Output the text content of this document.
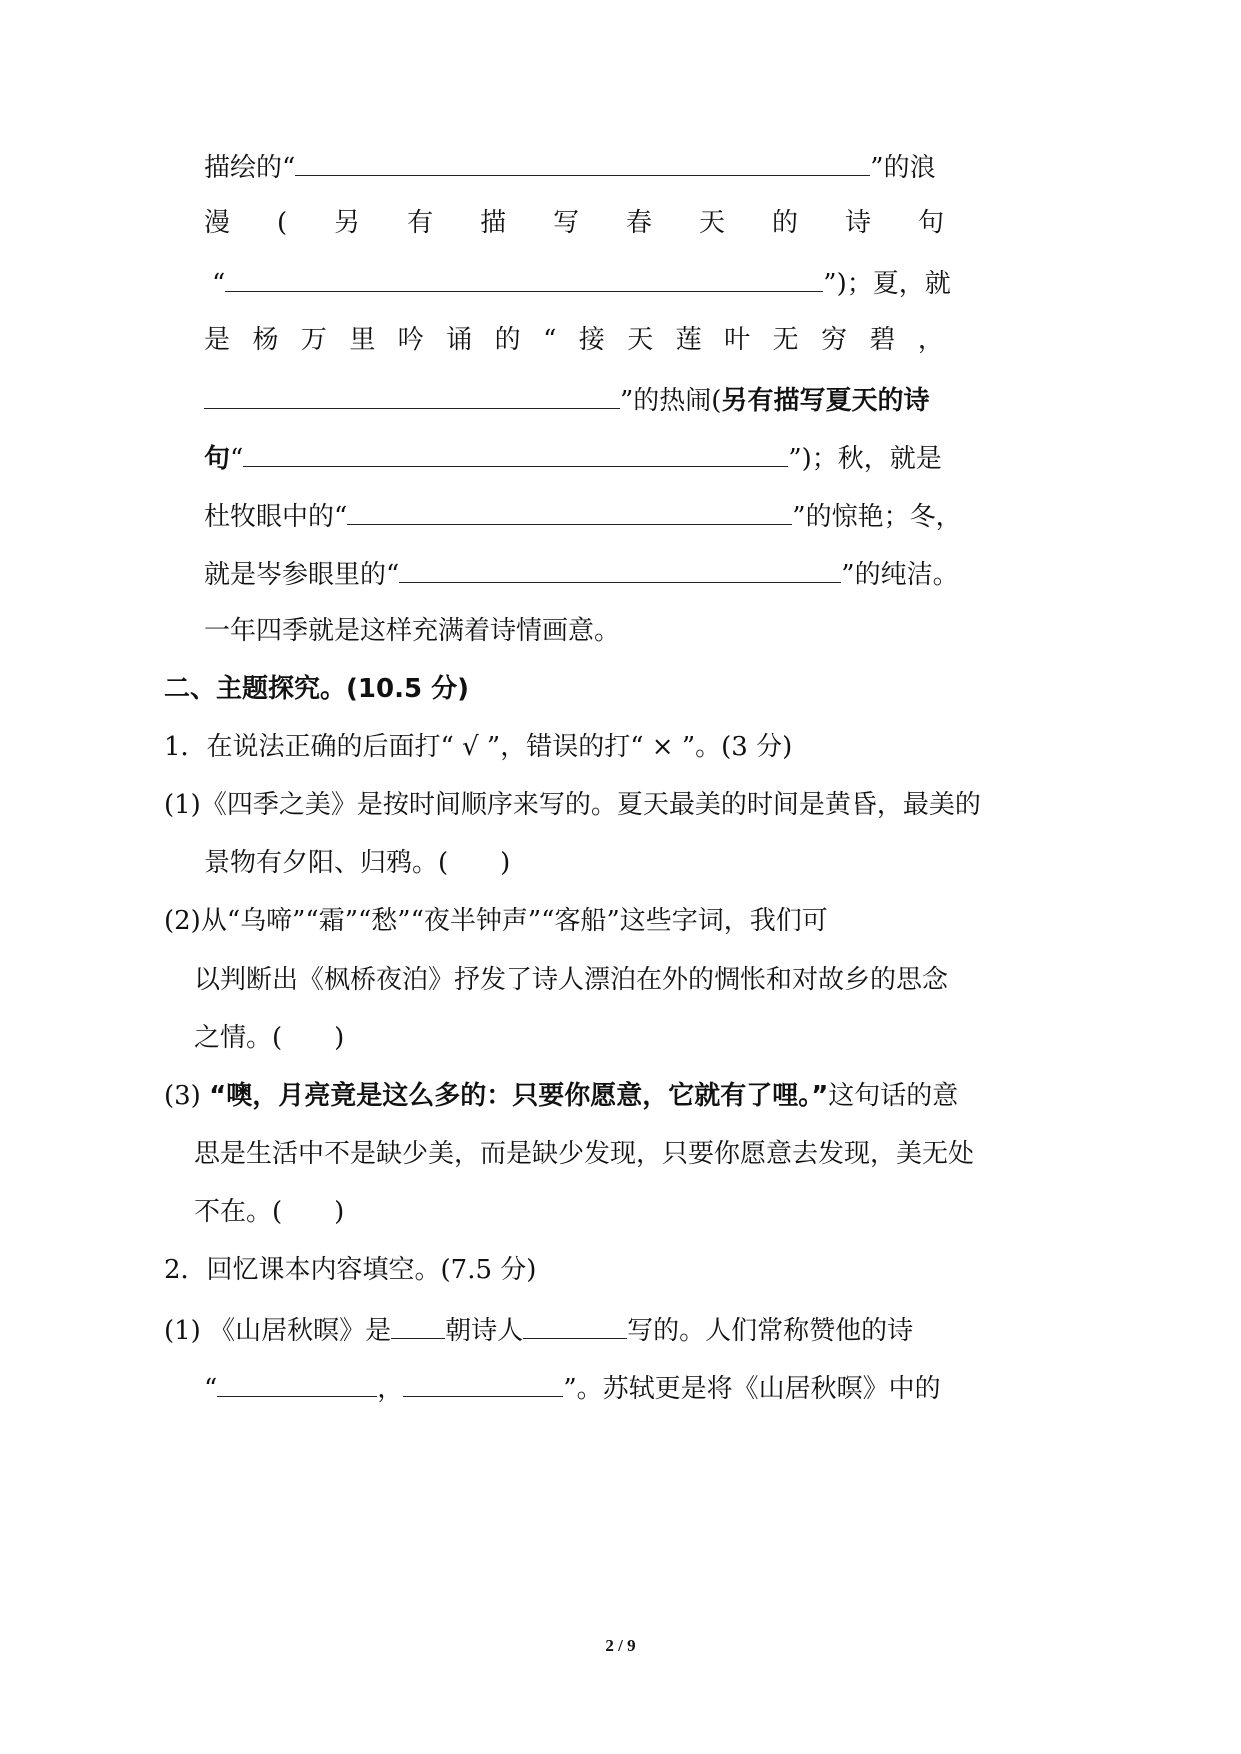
描绘的“	”的浪
漫 ( 另 有 描 写 春 天 的 诗 句
“	”)；夏，就
是 杨 万 里 吟 诵 的 “ 接 天 莲 叶 无 穷 碧 ，
”的热闹(另有描写夏天的诗
句“	”)；秋，就是
杜牧眼中的“	”的惊艳；冬，
就是岑参眼里的“	”的纯洁。
一年四季就是这样充满着诗情画意。
二、主题探究。(10.5 分)
1．在说法正确的后面打“ √ ”，错误的打“ × ”。(3 分)
(1)《四季之美》是按时间顺序来写的。夏天最美的时间是黄昏，最美的
景物有夕阳、归鸦。(　　)
(2)从“乌啼”“霜”“愁”“夜半钟声”“客船”这些字词，我们可
以判断出《枫桥夜泊》抒发了诗人漂泊在外的惆怅和对故乡的思念
之情。(　　)
(3) “噢，月亮竟是这么多的：只要你愿意，它就有了哩。”这句话的意
思是生活中不是缺少美，而是缺少发现，只要你愿意去发现，美无处
不在。(　　)
2．回忆课本内容填空。(7.5 分)
(1) 《山居秋暝》是 朝诗人	写的。人们常称赞他的诗
“	，	”。苏轼更是将《山居秋暝》中的
2 / 9
